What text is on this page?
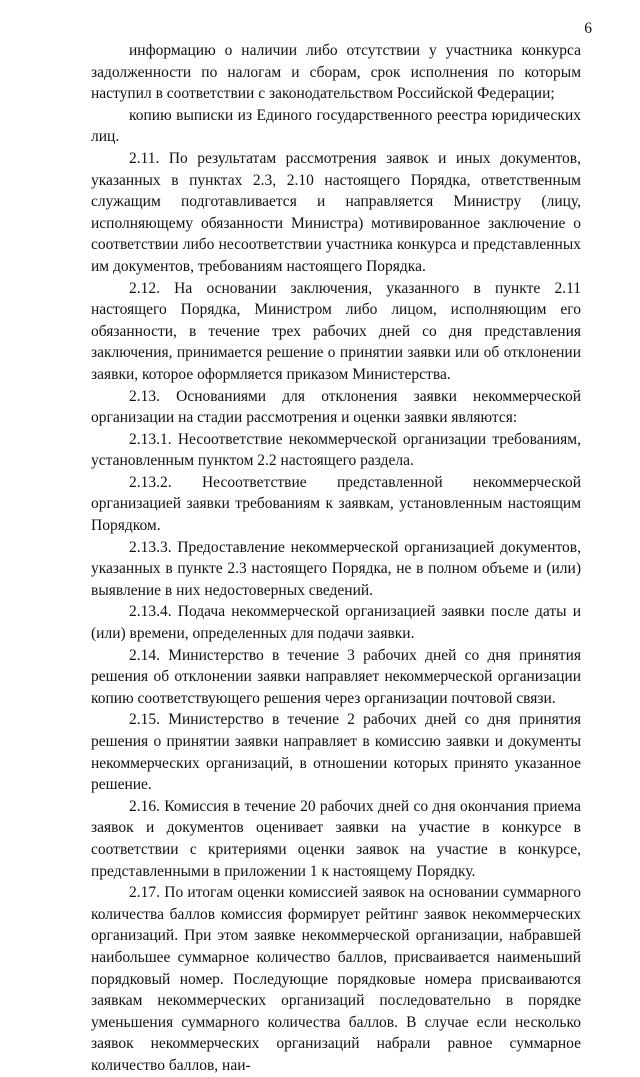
6

информацию о наличии либо отсутствии у участника конкурса задолженности по налогам и сборам, срок исполнения по которым наступил в соответствии с законодательством Российской Федерации;

копию выписки из Единого государственного реестра юридических лиц.

2.11. По результатам рассмотрения заявок и иных документов, указанных в пунктах 2.3, 2.10 настоящего Порядка, ответственным служащим подготавливается и направляется Министру (лицу, исполняющему обязанности Министра) мотивированное заключение о соответствии либо несоответствии участника конкурса и представленных им документов, требованиям настоящего Порядка.

2.12. На основании заключения, указанного в пункте 2.11 настоящего Порядка, Министром либо лицом, исполняющим его обязанности, в течение трех рабочих дней со дня представления заключения, принимается решение о принятии заявки или об отклонении заявки, которое оформляется приказом Министерства.

2.13. Основаниями для отклонения заявки некоммерческой организации на стадии рассмотрения и оценки заявки являются:

2.13.1. Несоответствие некоммерческой организации требованиям, установленным пунктом 2.2 настоящего раздела.

2.13.2. Несоответствие представленной некоммерческой организацией заявки требованиям к заявкам, установленным настоящим Порядком.

2.13.3. Предоставление некоммерческой организацией документов, указанных в пункте 2.3 настоящего Порядка, не в полном объеме и (или) выявление в них недостоверных сведений.

2.13.4. Подача некоммерческой организацией заявки после даты и (или) времени, определенных для подачи заявки.

2.14. Министерство в течение 3 рабочих дней со дня принятия решения об отклонении заявки направляет некоммерческой организации копию соответствующего решения через организации почтовой связи.

2.15. Министерство в течение 2 рабочих дней со дня принятия решения о принятии заявки направляет в комиссию заявки и документы некоммерческих организаций, в отношении которых принято указанное решение.

2.16. Комиссия в течение 20 рабочих дней со дня окончания приема заявок и документов оценивает заявки на участие в конкурсе в соответствии с критериями оценки заявок на участие в конкурсе, представленными в приложении 1 к настоящему Порядку.

2.17. По итогам оценки комиссией заявок на основании суммарного количества баллов комиссия формирует рейтинг заявок некоммерческих организаций. При этом заявке некоммерческой организации, набравшей наибольшее суммарное количество баллов, присваивается наименьший порядковый номер. Последующие порядковые номера присваиваются заявкам некоммерческих организаций последовательно в порядке уменьшения суммарного количества баллов. В случае если несколько заявок некоммерческих организаций набрали равное суммарное количество баллов, наи-
